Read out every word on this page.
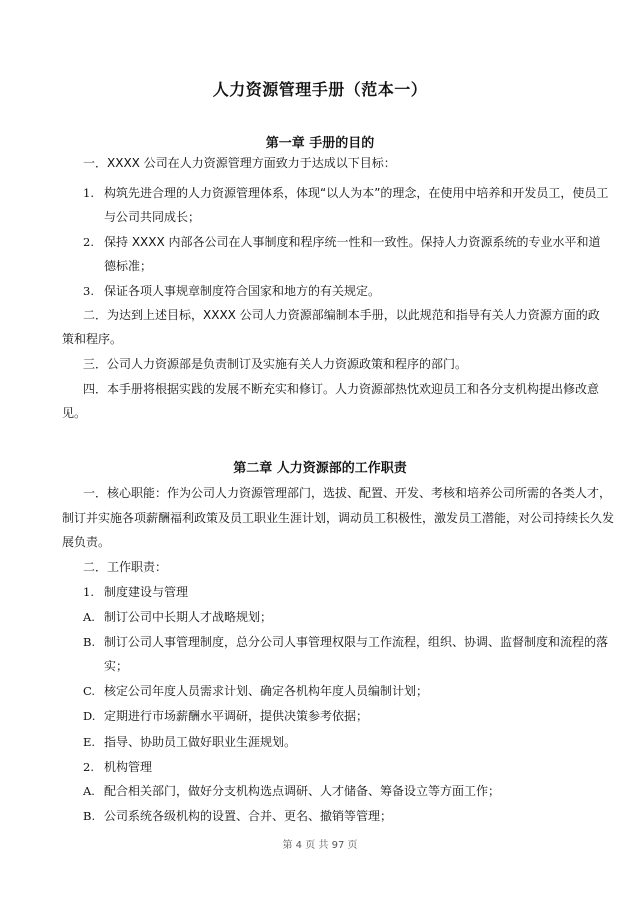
人力资源管理手册（范本一）
第一章 手册的目的
一．XXXX 公司在人力资源管理方面致力于达成以下目标：
1. 构筑先进合理的人力资源管理体系，体现“以人为本”的理念，在使用中培养和开发员工，使员工
与公司共同成长；
2. 保持 XXXX 内部各公司在人事制度和程序统一性和一致性。保持人力资源系统的专业水平和道
德标准；
3. 保证各项人事规章制度符合国家和地方的有关规定。
二．为达到上述目标，XXXX 公司人力资源部编制本手册，以此规范和指导有关人力资源方面的政
策和程序。
三．公司人力资源部是负责制订及实施有关人力资源政策和程序的部门。
四．本手册将根据实践的发展不断充实和修订。人力资源部热忱欢迎员工和各分支机构提出修改意
见。
第二章 人力资源部的工作职责
一．核心职能：作为公司人力资源管理部门，选拔、配置、开发、考核和培养公司所需的各类人才，
制订并实施各项薪酬福利政策及员工职业生涯计划，调动员工积极性，激发员工潜能，对公司持续长久发
展负责。
二．工作职责：
1. 制度建设与管理
A. 制订公司中长期人才战略规划；
B. 制订公司人事管理制度，总分公司人事管理权限与工作流程，组织、协调、监督制度和流程的落
实；
C. 核定公司年度人员需求计划、确定各机构年度人员编制计划；
D. 定期进行市场薪酬水平调研，提供决策参考依据；
E. 指导、协助员工做好职业生涯规划。
2. 机构管理
A. 配合相关部门，做好分支机构选点调研、人才储备、筹备设立等方面工作；
B. 公司系统各级机构的设置、合并、更名、撤销等管理；
第 4 页 共 97 页
